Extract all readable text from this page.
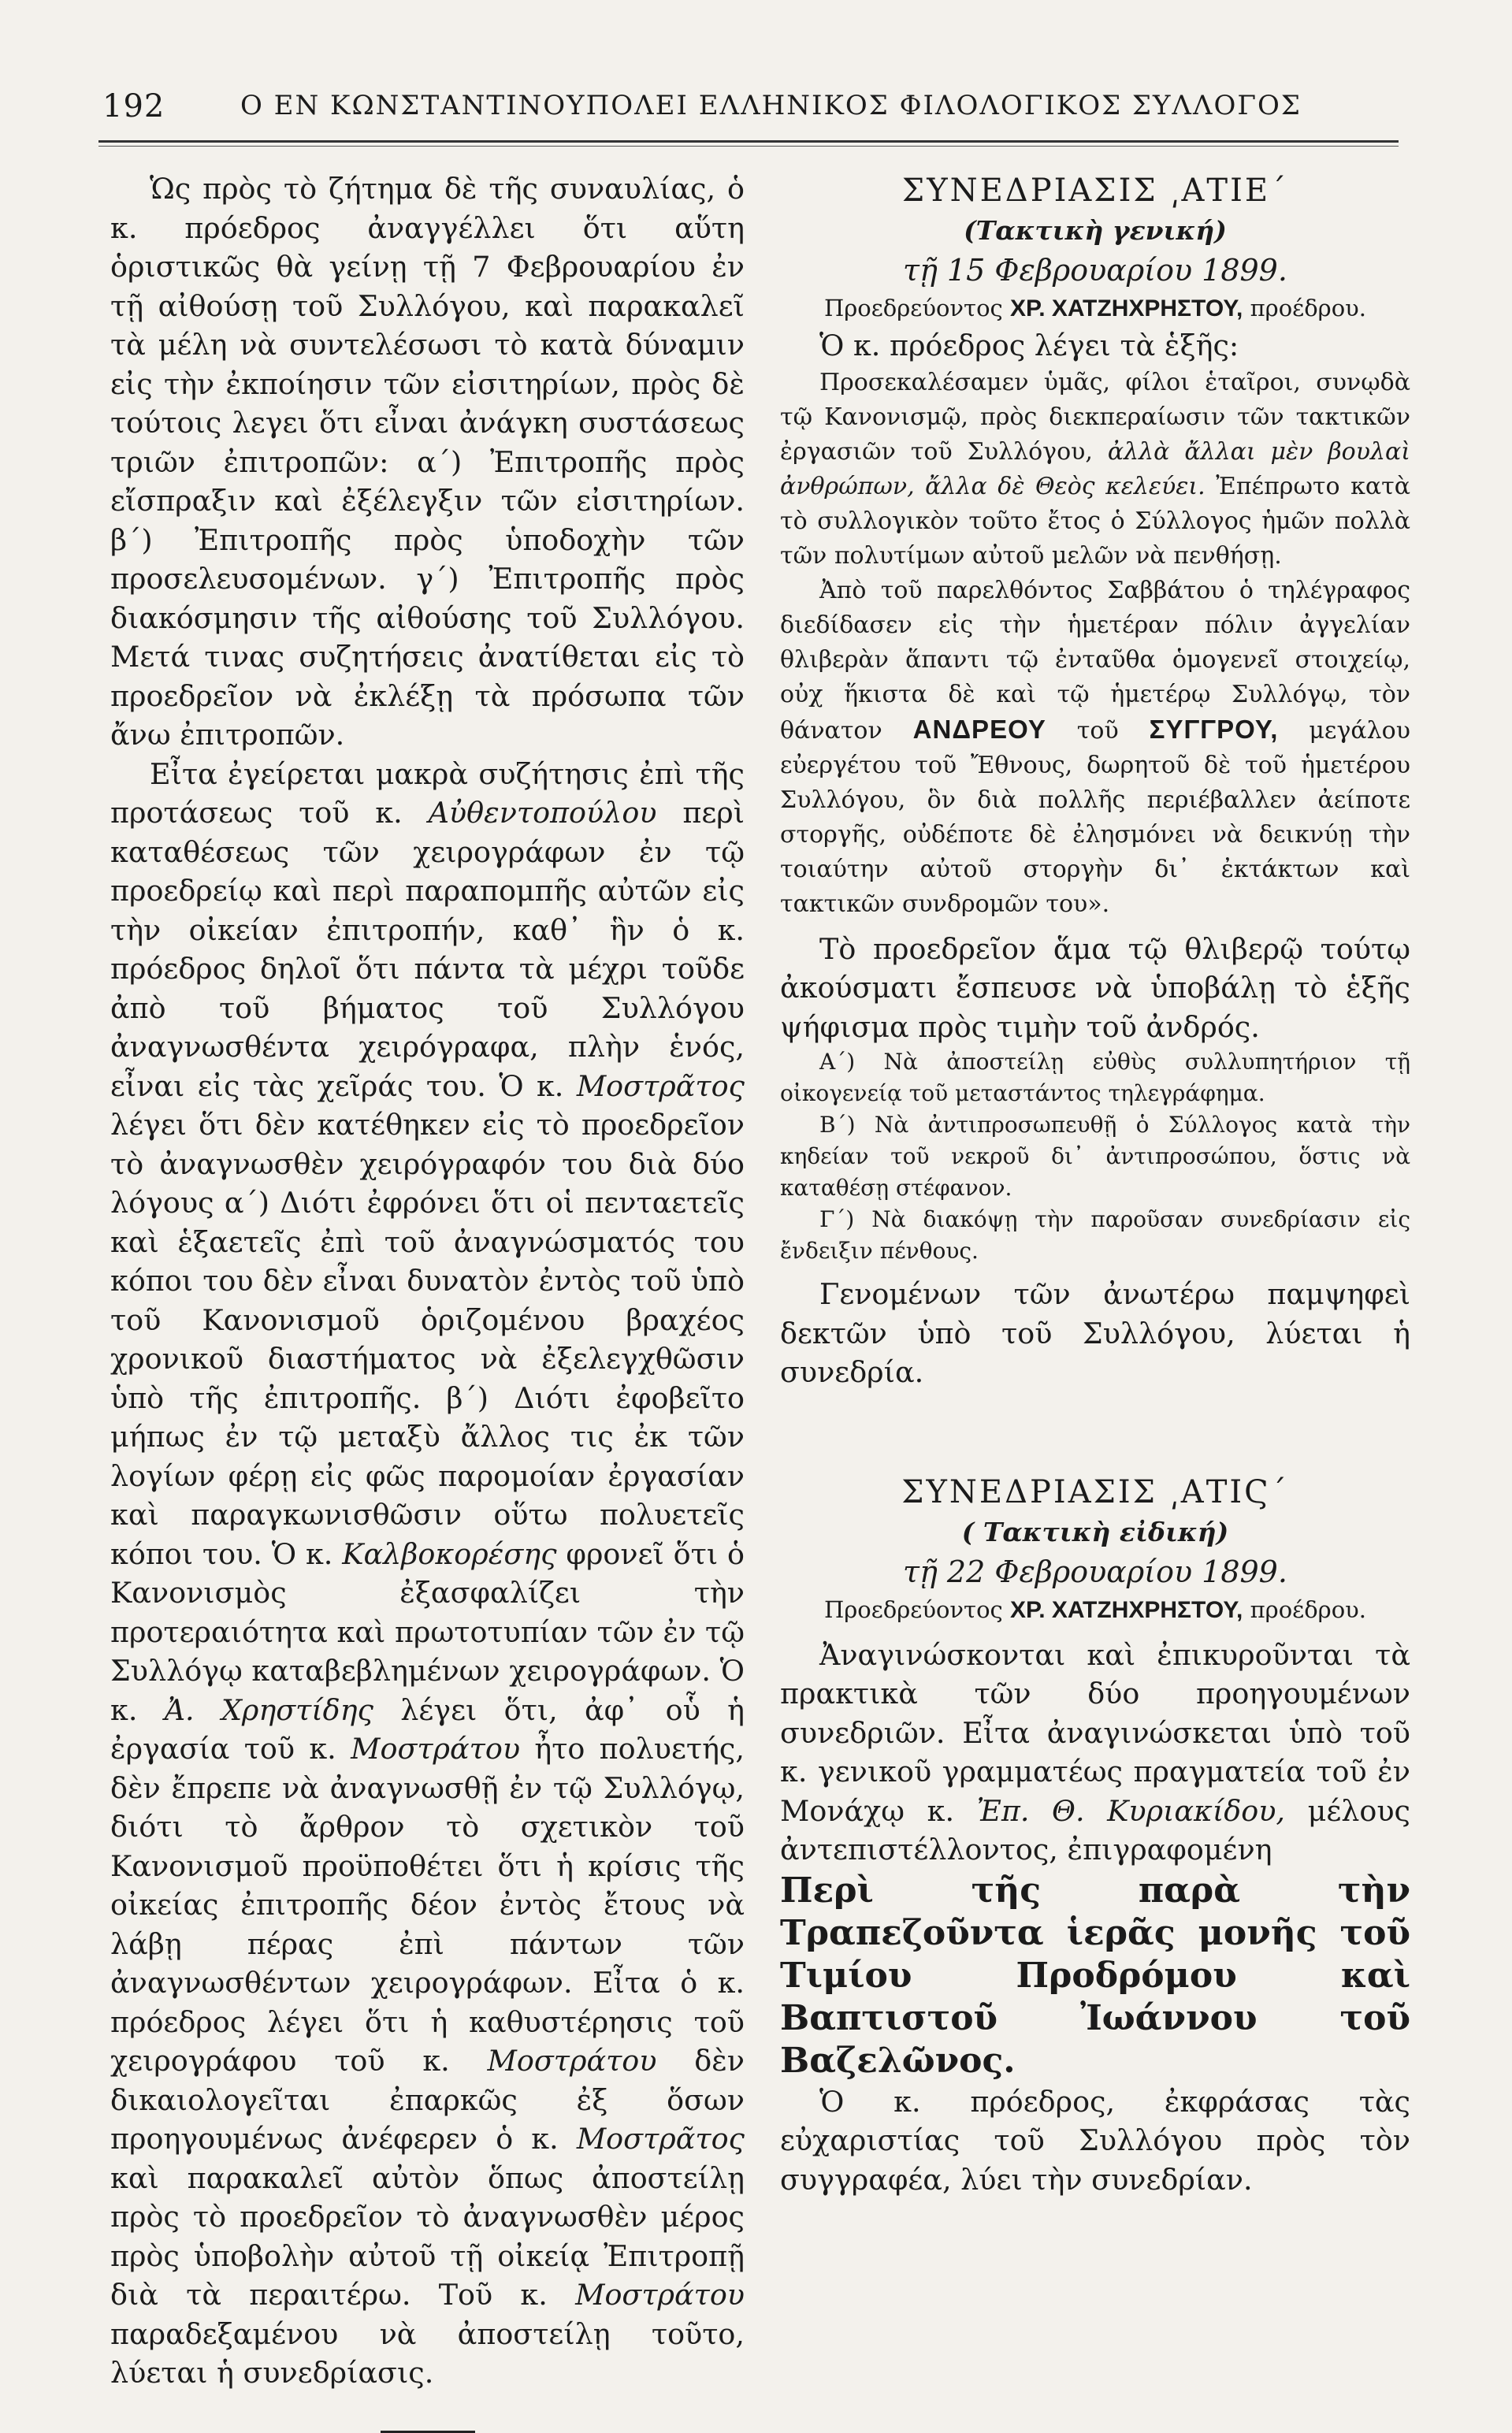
192	Ο ΕΝ ΚΩΝΣΤΑΝΤΙΝΟΥΠΟΛΕΙ ΕΛΛΗΝΙΚΟΣ ΦΙΛΟΛΟΓΙΚΟΣ ΣΥΛΛΟΓΟΣ

Ὡς πρὸς τὸ ζήτημα δὲ τῆς συναυλίας, ὁ κ. πρόεδρος ἀναγγέλλει ὅτι αὕτη ὁριστικῶς θὰ γείνῃ τῇ 7 Φεβρουαρίου ἐν τῇ αἰθούσῃ τοῦ Συλλόγου, καὶ παρακαλεῖ τὰ μέλη νὰ συντελέσωσι τὸ κατὰ δύναμιν εἰς τὴν ἐκποίησιν τῶν εἰσιτηρίων, πρὸς δὲ τούτοις λεγει ὅτι εἶναι ἀνάγκη συστάσεως τριῶν ἐπιτροπῶν: α΄) Ἐπιτροπῆς πρὸς εἴσπραξιν καὶ ἐξέλεγξιν τῶν εἰσιτηρίων. β΄) Ἐπιτροπῆς πρὸς ὑποδοχὴν τῶν προσελευσομένων. γ΄) Ἐπιτροπῆς πρὸς διακόσμησιν τῆς αἰθούσης τοῦ Συλλόγου. Μετά τινας συζητήσεις ἀνατίθεται εἰς τὸ προεδρεῖον νὰ ἐκλέξῃ τὰ πρόσωπα τῶν ἄνω ἐπιτροπῶν.

Εἶτα ἐγείρεται μακρὰ συζήτησις ἐπὶ τῆς προτάσεως τοῦ κ. Αὐθεντοπούλου περὶ καταθέσεως τῶν χειρογράφων ἐν τῷ προεδρείῳ καὶ περὶ παραπομπῆς αὐτῶν εἰς τὴν οἰκείαν ἐπιτροπήν, καθ᾿ ἣν ὁ κ. πρόεδρος δηλοῖ ὅτι πάντα τὰ μέχρι τοῦδε ἀπὸ τοῦ βήματος τοῦ Συλλόγου ἀναγνωσθέντα χειρόγραφα, πλὴν ἑνός, εἶναι εἰς τὰς χεῖράς του. Ὁ κ. Μοστρᾶτος λέγει ὅτι δὲν κατέθηκεν εἰς τὸ προεδρεῖον τὸ ἀναγνωσθὲν χειρόγραφόν του διὰ δύο λόγους α΄) Διότι ἐφρόνει ὅτι οἱ πενταετεῖς καὶ ἑξαετεῖς ἐπὶ τοῦ ἀναγνώσματός του κόποι του δὲν εἶναι δυνατὸν ἐντὸς τοῦ ὑπὸ τοῦ Κανονισμοῦ ὁριζομένου βραχέος χρονικοῦ διαστήματος νὰ ἐξελεγχθῶσιν ὑπὸ τῆς ἐπιτροπῆς. β΄) Διότι ἐφοβεῖτο μήπως ἐν τῷ μεταξὺ ἄλλος τις ἐκ τῶν λογίων φέρῃ εἰς φῶς παρομοίαν ἐργασίαν καὶ παραγκωνισθῶσιν οὕτω πολυετεῖς κόποι του. Ὁ κ. Καλβοκορέσης φρονεῖ ὅτι ὁ Κανονισμὸς ἐξασφαλίζει τὴν προτεραιότητα καὶ πρωτοτυπίαν τῶν ἐν τῷ Συλλόγῳ καταβεβλημένων χειρογράφων. Ὁ κ. Ἀ. Χρηστίδης λέγει ὅτι, ἀφ᾿ οὗ ἡ ἐργασία τοῦ κ. Μοστράτου ἦτο πολυετής, δὲν ἔπρεπε νὰ ἀναγνωσθῇ ἐν τῷ Συλλόγῳ, διότι τὸ ἄρθρον τὸ σχετικὸν τοῦ Κανονισμοῦ προϋποθέτει ὅτι ἡ κρίσις τῆς οἰκείας ἐπιτροπῆς δέον ἐντὸς ἔτους νὰ λάβῃ πέρας ἐπὶ πάντων τῶν ἀναγνωσθέντων χειρογράφων. Εἶτα ὁ κ. πρόεδρος λέγει ὅτι ἡ καθυστέρησις τοῦ χειρογράφου τοῦ κ. Μοστράτου δὲν δικαιολογεῖται ἐπαρκῶς ἐξ ὅσων προηγουμένως ἀνέφερεν ὁ κ. Μοστρᾶτος καὶ παρακαλεῖ αὐτὸν ὅπως ἀποστείλῃ πρὸς τὸ προεδρεῖον τὸ ἀναγνωσθὲν μέρος πρὸς ὑποβολὴν αὐτοῦ τῇ οἰκείᾳ Ἐπιτροπῇ διὰ τὰ περαιτέρω. Τοῦ κ. Μοστράτου παραδεξαμένου νὰ ἀποστείλῃ τοῦτο, λύεται ἡ συνεδρίασις.

ΣΥΝΕΔΡΙΑΣΙΣ ͵ΑΤΙΕ΄

(Τακτικὴ γενική)

τῇ 15 Φεβρουαρίου 1899.

Προεδρεύοντος ΧΡ. ΧΑΤΖΗΧΡΗΣΤΟΥ, προέδρου.

Ὁ κ. πρόεδρος λέγει τὰ ἑξῆς:

Προσεκαλέσαμεν ὑμᾶς, φίλοι ἑταῖροι, συνῳδὰ τῷ Κανονισμῷ, πρὸς διεκπεραίωσιν τῶν τακτικῶν ἐργασιῶν τοῦ Συλλόγου, ἀλλὰ ἄλλαι μὲν βουλαὶ ἀνθρώπων, ἄλλα δὲ Θεὸς κελεύει. Ἐπέπρωτο κατὰ τὸ συλλογικὸν τοῦτο ἔτος ὁ Σύλλογος ἡμῶν πολλὰ τῶν πολυτίμων αὐτοῦ μελῶν νὰ πενθήσῃ.

Ἀπὸ τοῦ παρελθόντος Σαββάτου ὁ τηλέγραφος διεδίδασεν εἰς τὴν ἡμετέραν πόλιν ἀγγελίαν θλιβερὰν ἅπαντι τῷ ἐνταῦθα ὁμογενεῖ στοιχείῳ, οὐχ ἥκιστα δὲ καὶ τῷ ἡμετέρῳ Συλλόγῳ, τὸν θάνατον ΑΝΔΡΕΟΥ τοῦ ΣΥΓΓΡΟΥ, μεγάλου εὐεργέτου τοῦ Ἔθνους, δωρητοῦ δὲ τοῦ ἡμετέρου Συλλόγου, ὃν διὰ πολλῆς περιέβαλλεν ἀείποτε στοργῆς, οὐδέποτε δὲ ἐλησμόνει νὰ δεικνύῃ τὴν τοιαύτην αὐτοῦ στοργὴν δι᾿ ἐκτάκτων καὶ τακτικῶν συνδρομῶν του».

Τὸ προεδρεῖον ἅμα τῷ θλιβερῷ τούτῳ ἀκούσματι ἔσπευσε νὰ ὑποβάλῃ τὸ ἑξῆς ψήφισμα πρὸς τιμὴν τοῦ ἀνδρός.

Α΄) Νὰ ἀποστείλῃ εὐθὺς συλλυπητήριον τῇ οἰκογενείᾳ τοῦ μεταστάντος τηλεγράφημα.

Β΄) Νὰ ἀντιπροσωπευθῇ ὁ Σύλλογος κατὰ τὴν κηδείαν τοῦ νεκροῦ δι᾿ ἀντιπροσώπου, ὅστις νὰ καταθέσῃ στέφανον.

Γ΄) Νὰ διακόψῃ τὴν παροῦσαν συνεδρίασιν εἰς ἔνδειξιν πένθους.

Γενομένων τῶν ἀνωτέρω παμψηφεὶ δεκτῶν ὑπὸ τοῦ Συλλόγου, λύεται ἡ συνεδρία.

ΣΥΝΕΔΡΙΑΣΙΣ ͵ΑΤΙϚ΄

( Τακτικὴ εἰδική)

τῇ 22 Φεβρουαρίου 1899.

Προεδρεύοντος ΧΡ. ΧΑΤΖΗΧΡΗΣΤΟΥ, προέδρου.

Ἀναγινώσκονται καὶ ἐπικυροῦνται τὰ πρακτικὰ τῶν δύο προηγουμένων συνεδριῶν. Εἶτα ἀναγινώσκεται ὑπὸ τοῦ κ. γενικοῦ γραμματέως πραγματεία τοῦ ἐν Μονάχῳ κ. Ἐπ. Θ. Κυριακίδου, μέλους ἀντεπιστέλλοντος, ἐπιγραφομένη

Περὶ τῆς παρὰ τὴν Τραπεζοῦντα ἱερᾶς μονῆς τοῦ Τιμίου Προδρόμου καὶ Βαπτιστοῦ Ἰωάννου τοῦ Βαζελῶνος.

Ὁ κ. πρόεδρος, ἐκφράσας τὰς εὐχαριστίας τοῦ Συλλόγου πρὸς τὸν συγγραφέα, λύει τὴν συνεδρίαν.
